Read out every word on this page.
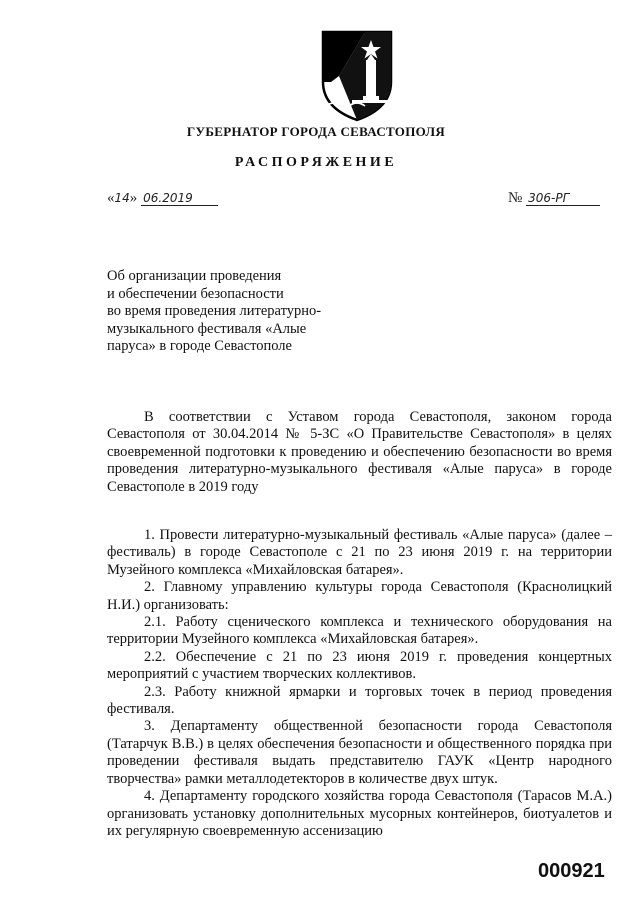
ГУБЕРНАТОР ГОРОДА СЕВАСТОПОЛЯ
РАСПОРЯЖЕНИЕ
«14» 06.2019	№ 306-РГ
Об организации проведения
и обеспечении безопасности
во время проведения литературно-
музыкального фестиваля «Алые
паруса» в городе Севастополе

В соответствии с Уставом города Севастополя, законом города Севастополя от 30.04.2014 № 5-ЗС «О Правительстве Севастополя» в целях своевременной подготовки к проведению и обеспечению безопасности во время проведения литературно-музыкального фестиваля «Алые паруса» в городе Севастополе в 2019 году

1. Провести литературно-музыкальный фестиваль «Алые паруса» (далее – фестиваль) в городе Севастополе с 21 по 23 июня 2019 г. на территории Музейного комплекса «Михайловская батарея».

2. Главному управлению культуры города Севастополя (Краснолицкий Н.И.) организовать:

2.1. Работу сценического комплекса и технического оборудования на территории Музейного комплекса «Михайловская батарея».

2.2. Обеспечение с 21 по 23 июня 2019 г. проведения концертных мероприятий с участием творческих коллективов.

2.3. Работу книжной ярмарки и торговых точек в период проведения фестиваля.

3. Департаменту общественной безопасности города Севастополя (Татарчук В.В.) в целях обеспечения безопасности и общественного порядка при проведении фестиваля выдать представителю ГАУК «Центр народного творчества» рамки металлодетекторов в количестве двух штук.

4. Департаменту городского хозяйства города Севастополя (Тарасов М.А.) организовать установку дополнительных мусорных контейнеров, биотуалетов и их регулярную своевременную ассенизацию

000921
